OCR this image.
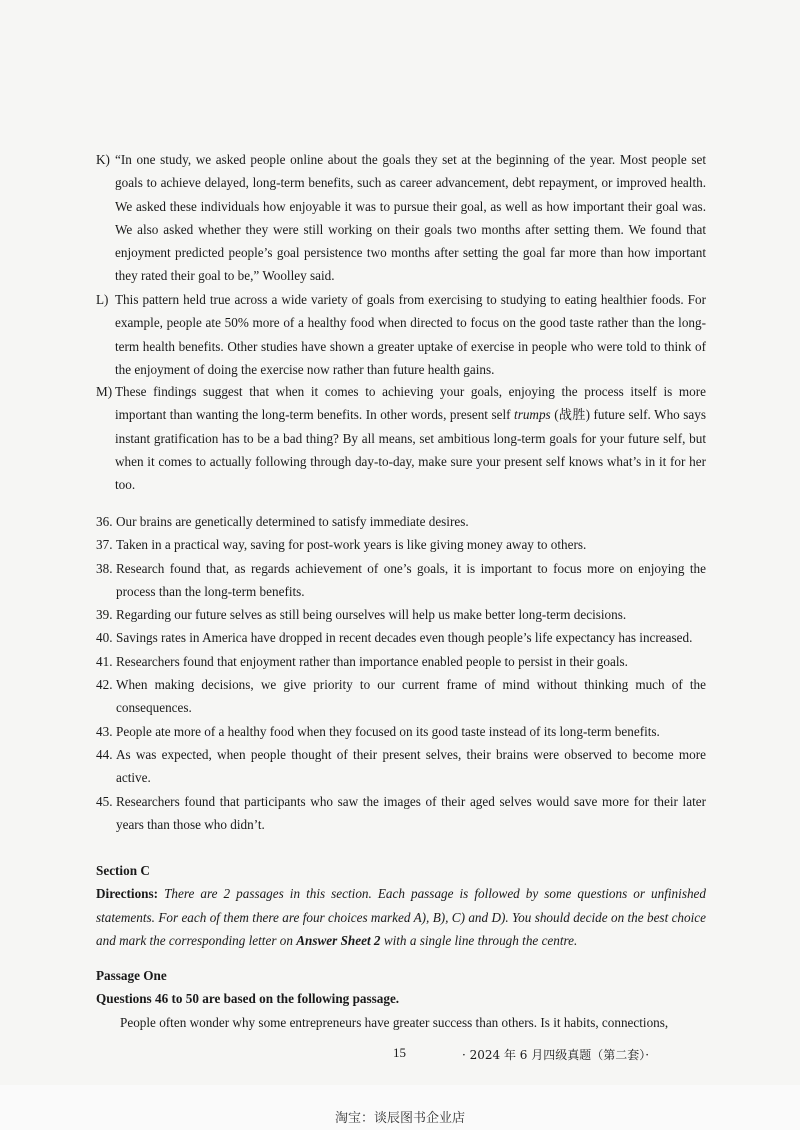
K) “In one study, we asked people online about the goals they set at the beginning of the year. Most people set goals to achieve delayed, long-term benefits, such as career advancement, debt repayment, or improved health. We asked these individuals how enjoyable it was to pursue their goal, as well as how important their goal was. We also asked whether they were still working on their goals two months after setting them. We found that enjoyment predicted people’s goal persistence two months after setting the goal far more than how important they rated their goal to be,” Woolley said.
L) This pattern held true across a wide variety of goals from exercising to studying to eating healthier foods. For example, people ate 50% more of a healthy food when directed to focus on the good taste rather than the long-term health benefits. Other studies have shown a greater uptake of exercise in people who were told to think of the enjoyment of doing the exercise now rather than future health gains.
M) These findings suggest that when it comes to achieving your goals, enjoying the process itself is more important than wanting the long-term benefits. In other words, present self trumps (战胜) future self. Who says instant gratification has to be a bad thing? By all means, set ambitious long-term goals for your future self, but when it comes to actually following through day-to-day, make sure your present self knows what’s in it for her too.
36. Our brains are genetically determined to satisfy immediate desires.
37. Taken in a practical way, saving for post-work years is like giving money away to others.
38. Research found that, as regards achievement of one’s goals, it is important to focus more on enjoying the process than the long-term benefits.
39. Regarding our future selves as still being ourselves will help us make better long-term decisions.
40. Savings rates in America have dropped in recent decades even though people’s life expectancy has increased.
41. Researchers found that enjoyment rather than importance enabled people to persist in their goals.
42. When making decisions, we give priority to our current frame of mind without thinking much of the consequences.
43. People ate more of a healthy food when they focused on its good taste instead of its long-term benefits.
44. As was expected, when people thought of their present selves, their brains were observed to become more active.
45. Researchers found that participants who saw the images of their aged selves would save more for their later years than those who didn’t.
Section C
Directions: There are 2 passages in this section. Each passage is followed by some questions or unfinished statements. For each of them there are four choices marked A), B), C) and D). You should decide on the best choice and mark the corresponding letter on Answer Sheet 2 with a single line through the centre.
Passage One
Questions 46 to 50 are based on the following passage.
People often wonder why some entrepreneurs have greater success than others. Is it habits, connections,
15	· 2024 年 6 月四级真题（第二套）·
淘宝：谈辰图书企业店
